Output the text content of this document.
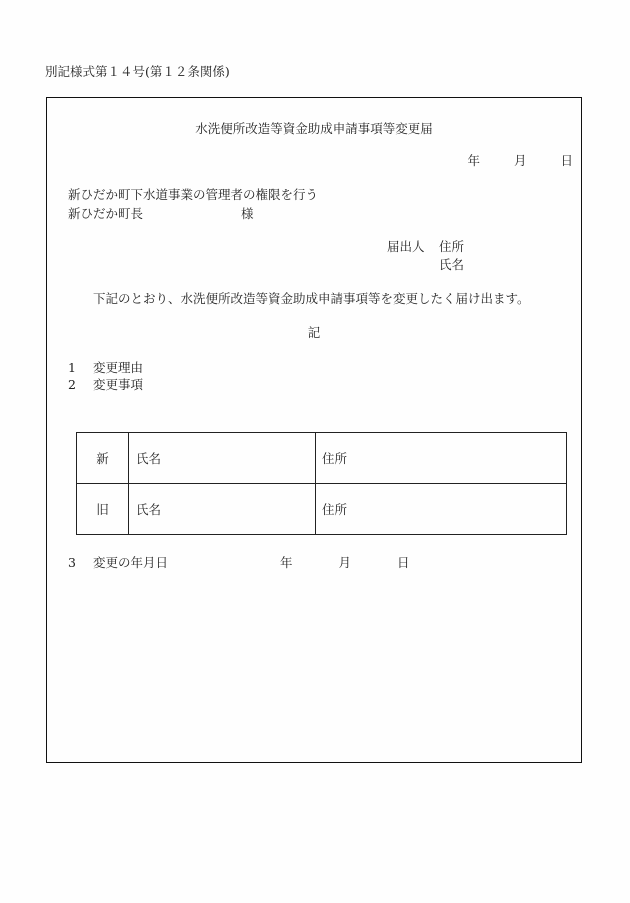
別記様式第１４号(第１２条関係)
水洗便所改造等資金助成申請事項等変更届
年	月	日
新ひだか町下水道事業の管理者の権限を行う
新ひだか町長	様
届出人 住所
氏名
下記のとおり、水洗便所改造等資金助成申請事項等を変更したく届け出ます。
記
1 変更理由
2 変更事項
新	氏名	住所
旧	氏名	住所
3 変更の年月日	年	月	日
